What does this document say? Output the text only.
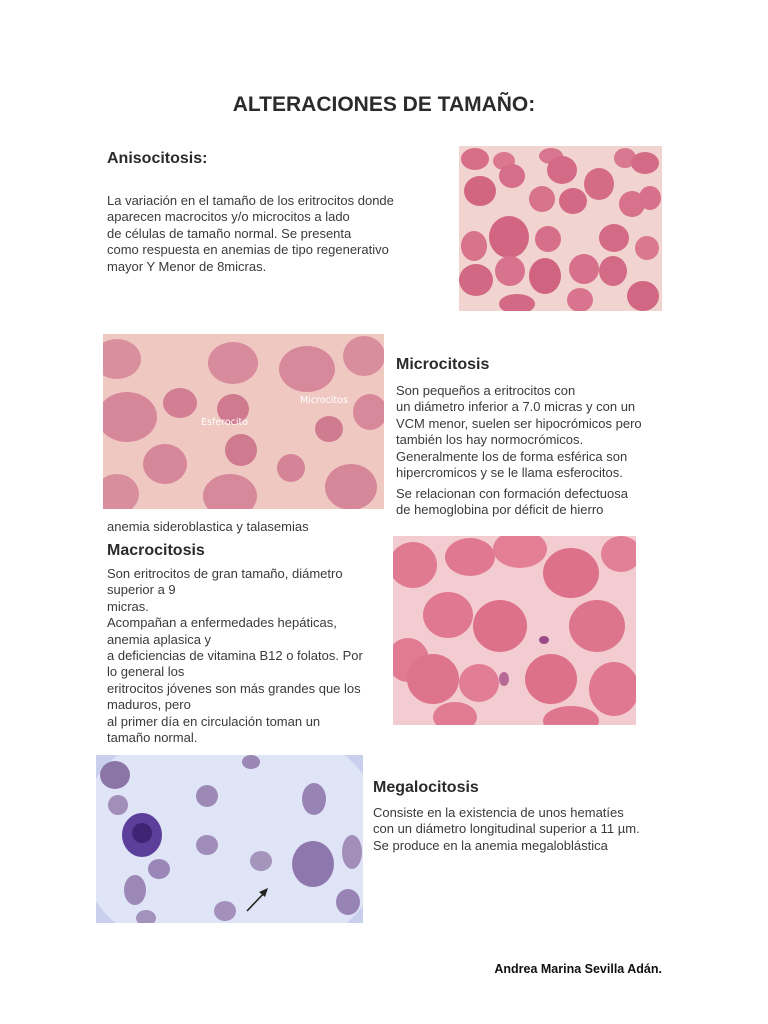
ALTERACIONES DE TAMAÑO:
Anisocitosis:
La variación en el tamaño de los eritrocitos donde
aparecen macrocitos y/o microcitos a lado
de células de tamaño normal. Se presenta
como respuesta en anemias de tipo regenerativo
mayor Y Menor de 8micras.
Esferocito
Microcitos
Microcitosis
Son pequeños a eritrocitos con
un diámetro inferior a 7.0 micras y con un
VCM menor, suelen ser hipocrómicos pero
también los hay normocrómicos.
Generalmente los de forma esférica son
hipercromicos y se le llama esferocitos.
Se relacionan con formación defectuosa
de hemoglobina por déficit de hierro
anemia sideroblastica y talasemias
Macrocitosis
Son eritrocitos de gran tamaño, diámetro
superior a 9
micras.
Acompañan a enfermedades hepáticas,
anemia aplasica y
a deficiencias de vitamina B12 o folatos. Por
lo general los
eritrocitos jóvenes son más grandes que los
maduros, pero
al primer día en circulación toman un
tamaño normal.
Megalocitosis
Consiste en la existencia de unos hematíes
con un diámetro longitudinal superior a 11 µm.
Se produce en la anemia megaloblástica
Andrea Marina Sevilla Adán.
